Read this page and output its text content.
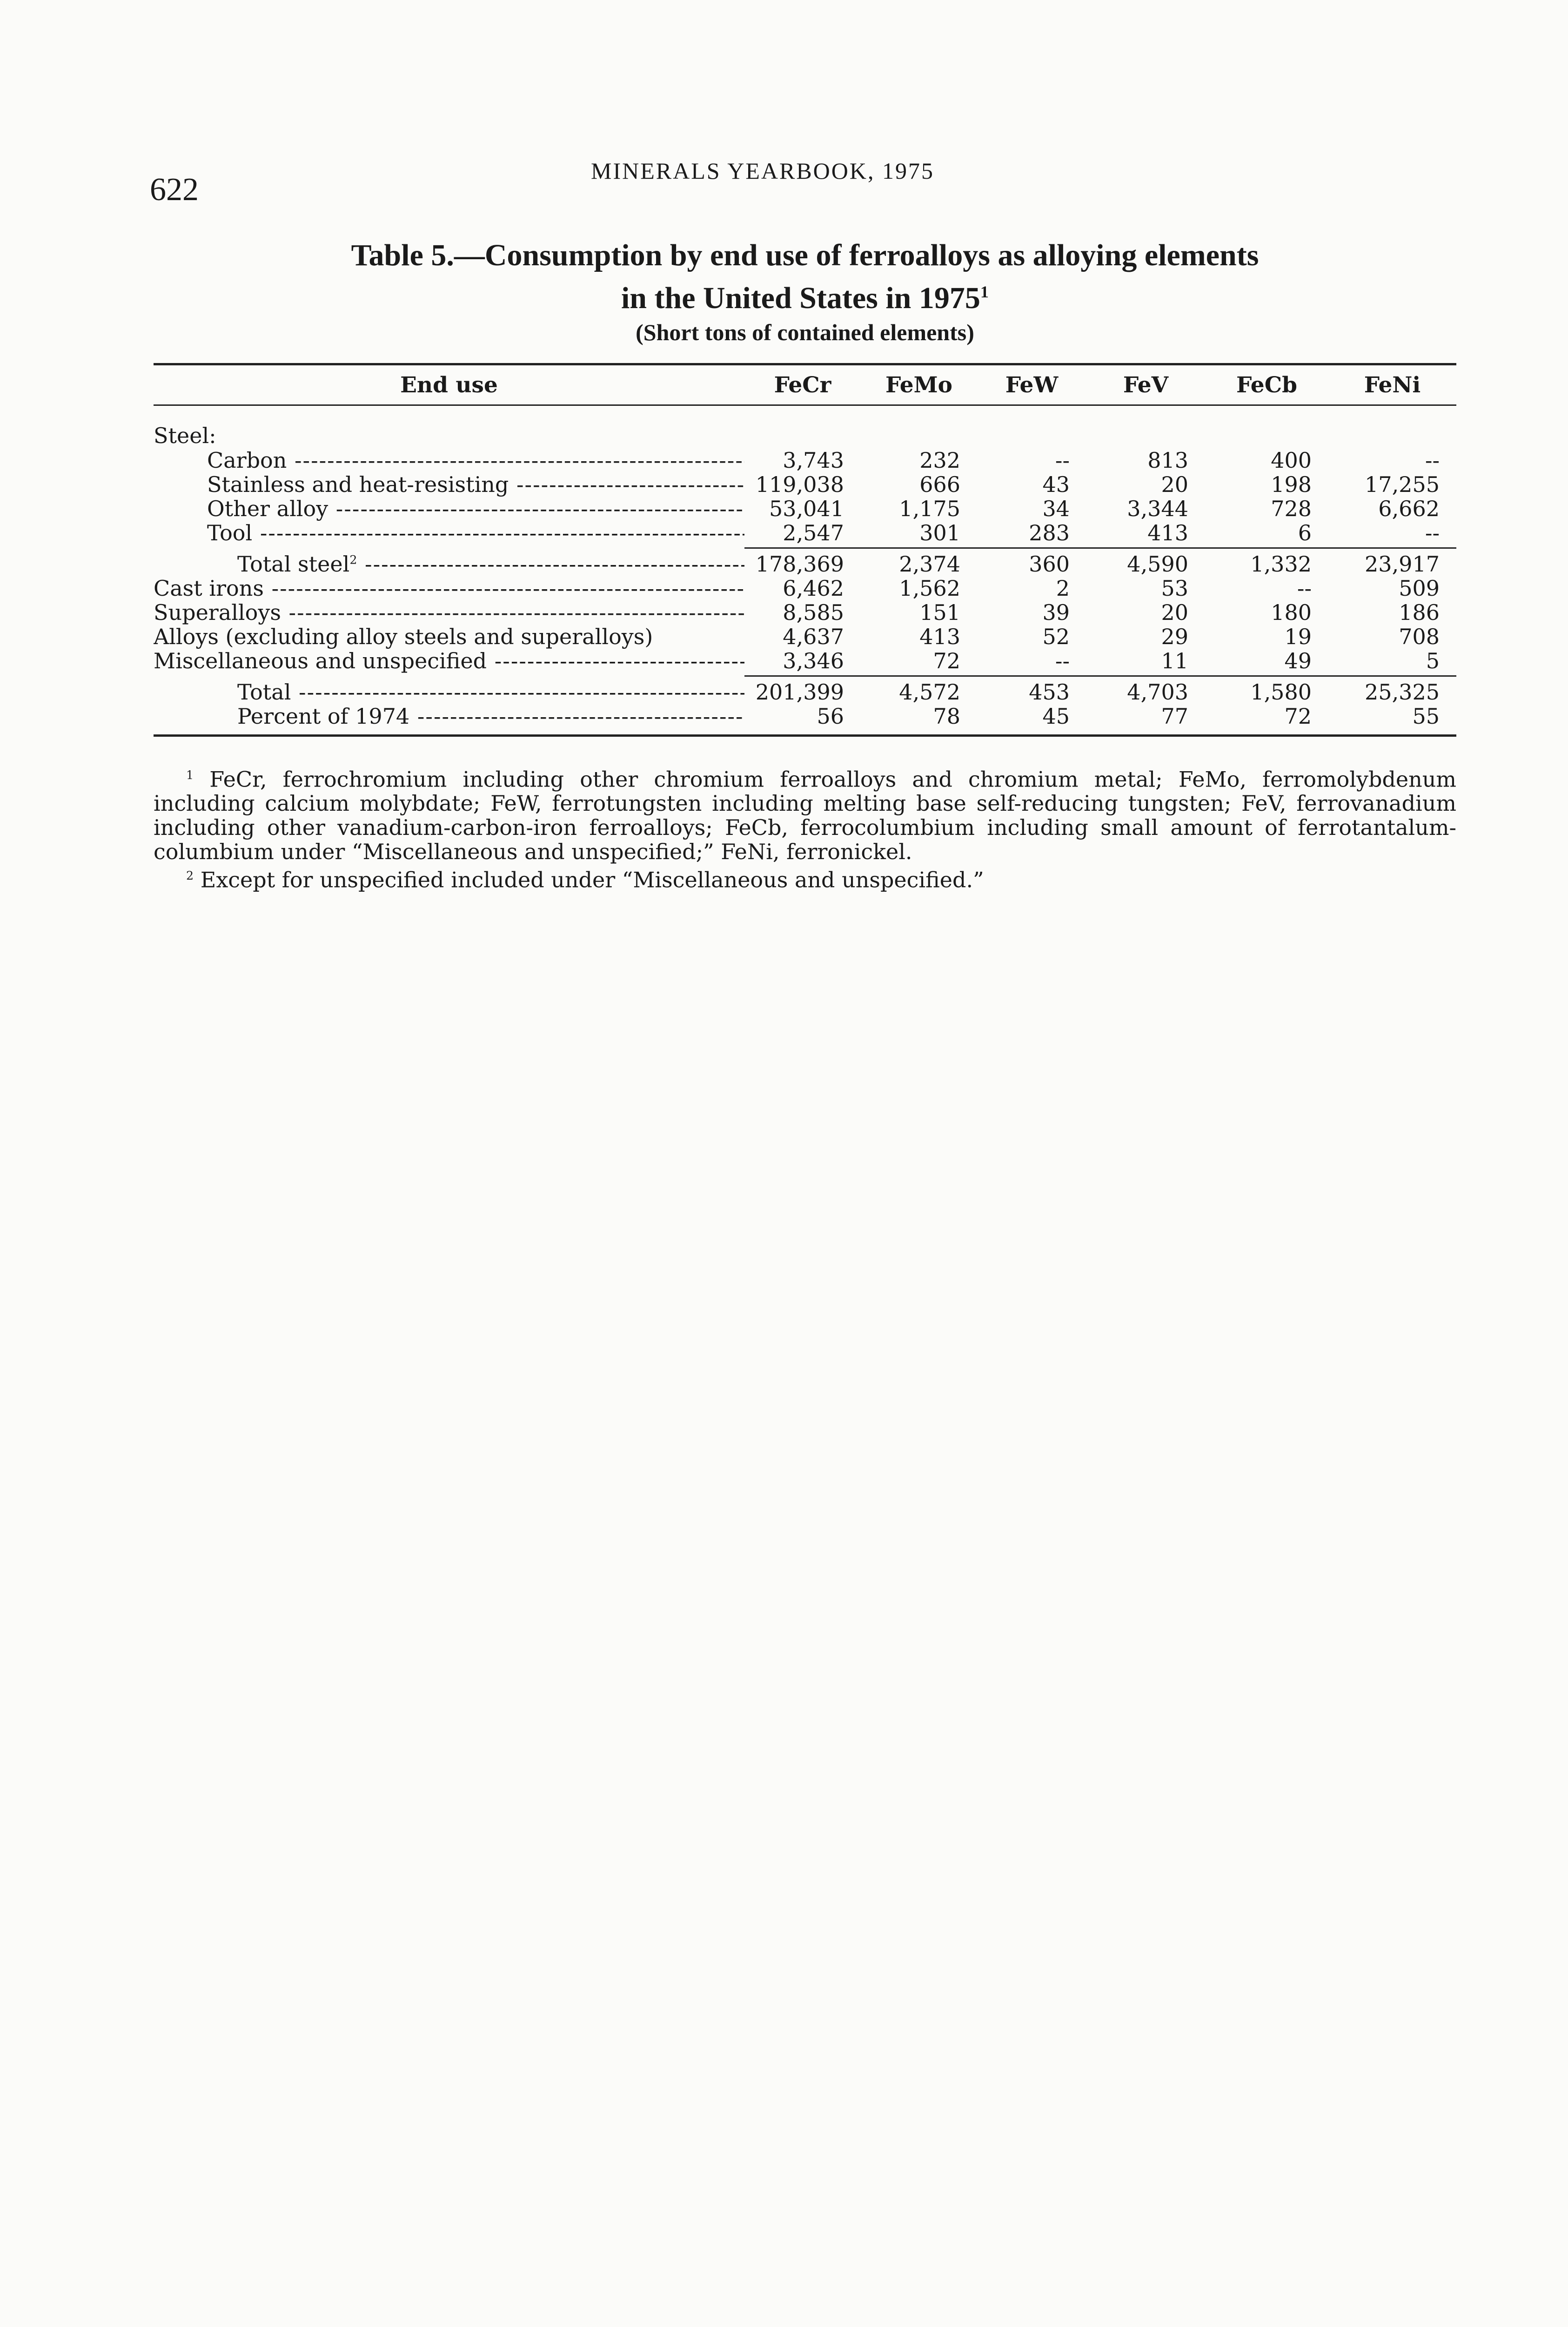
622
MINERALS YEARBOOK, 1975
Table 5.—Consumption by end use of ferroalloys as alloying elements
in the United States in 1975$^1$
(Short tons of contained elements)
End use	FeCr	FeMo	FeW	FeV	FeCb	FeNi
Steel:
Carbon -----	3,743	232	--	813	400	--
Stainless and heat-resisting -----	119,038	666	43	20	198	17,255
Other alloy -----	53,041	1,175	34	3,344	728	6,662
Tool -----	2,547	301	283	413	6	--
Total steel$^2$ -----	178,369	2,374	360	4,590	1,332	23,917
Cast irons -----	6,462	1,562	2	53	--	509
Superalloys -----	8,585	151	39	20	180	186
Alloys (excluding alloy steels and superalloys)	4,637	413	52	29	19	708
Miscellaneous and unspecified -----	3,346	72	--	11	49	5
Total -----	201,399	4,572	453	4,703	1,580	25,325
Percent of 1974 -----	56	78	45	77	72	55

$^1$ FeCr, ferrochromium including other chromium ferroalloys and chromium metal; FeMo, ferromolybdenum including calcium molybdate; FeW, ferrotungsten including melting base self-reducing tungsten; FeV, ferrovanadium including other vanadium-carbon-iron ferroalloys; FeCb, ferrocolumbium including small amount of ferrotantalum-columbium under “Miscellaneous and unspecified;” FeNi, ferronickel.

$^2$ Except for unspecified included under “Miscellaneous and unspecified.”
